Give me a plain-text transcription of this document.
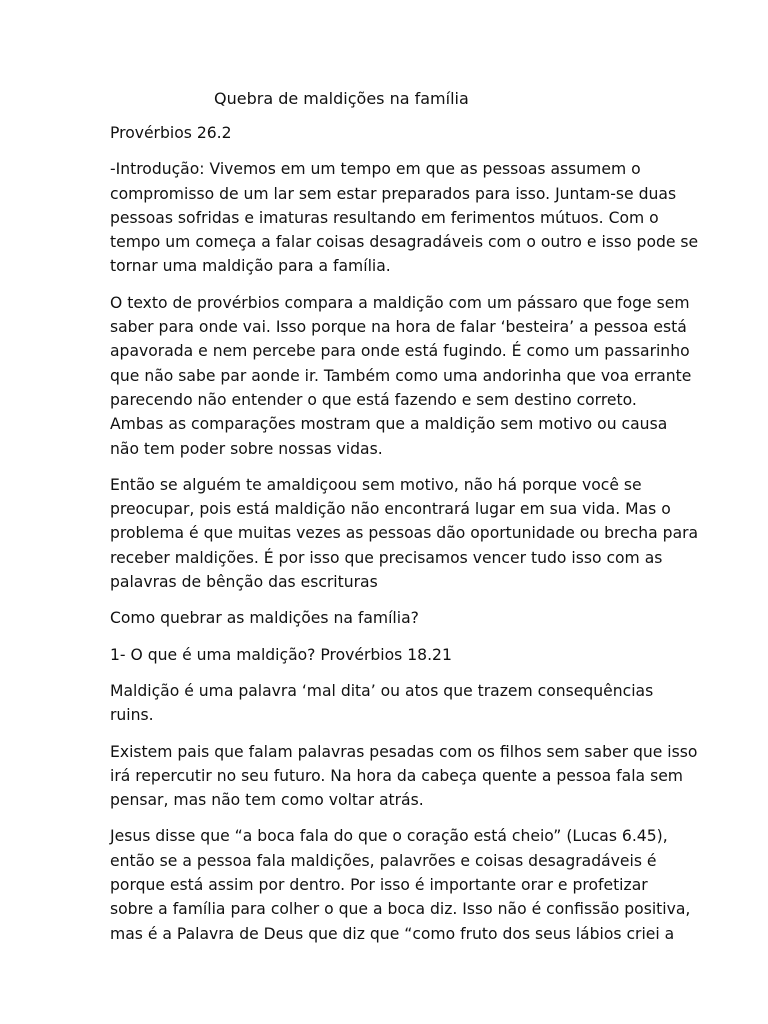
Quebra de maldições na família
Provérbios 26.2
-Introdução: Vivemos em um tempo em que as pessoas assumem o
compromisso de um lar sem estar preparados para isso. Juntam-se duas
pessoas sofridas e imaturas resultando em ferimentos mútuos. Com o
tempo um começa a falar coisas desagradáveis com o outro e isso pode se
tornar uma maldição para a família.
O texto de provérbios compara a maldição com um pássaro que foge sem
saber para onde vai. Isso porque na hora de falar ‘besteira’ a pessoa está
apavorada e nem percebe para onde está fugindo. É como um passarinho
que não sabe par aonde ir. Também como uma andorinha que voa errante
parecendo não entender o que está fazendo e sem destino correto.
Ambas as comparações mostram que a maldição sem motivo ou causa
não tem poder sobre nossas vidas.
Então se alguém te amaldiçoou sem motivo, não há porque você se
preocupar, pois está maldição não encontrará lugar em sua vida. Mas o
problema é que muitas vezes as pessoas dão oportunidade ou brecha para
receber maldições. É por isso que precisamos vencer tudo isso com as
palavras de bênção das escrituras
Como quebrar as maldições na família?
1- O que é uma maldição? Provérbios 18.21
Maldição é uma palavra ‘mal dita’ ou atos que trazem consequências
ruins.
Existem pais que falam palavras pesadas com os filhos sem saber que isso
irá repercutir no seu futuro. Na hora da cabeça quente a pessoa fala sem
pensar, mas não tem como voltar atrás.
Jesus disse que “a boca fala do que o coração está cheio” (Lucas 6.45),
então se a pessoa fala maldições, palavrões e coisas desagradáveis é
porque está assim por dentro. Por isso é importante orar e profetizar
sobre a família para colher o que a boca diz. Isso não é confissão positiva,
mas é a Palavra de Deus que diz que “como fruto dos seus lábios criei a
